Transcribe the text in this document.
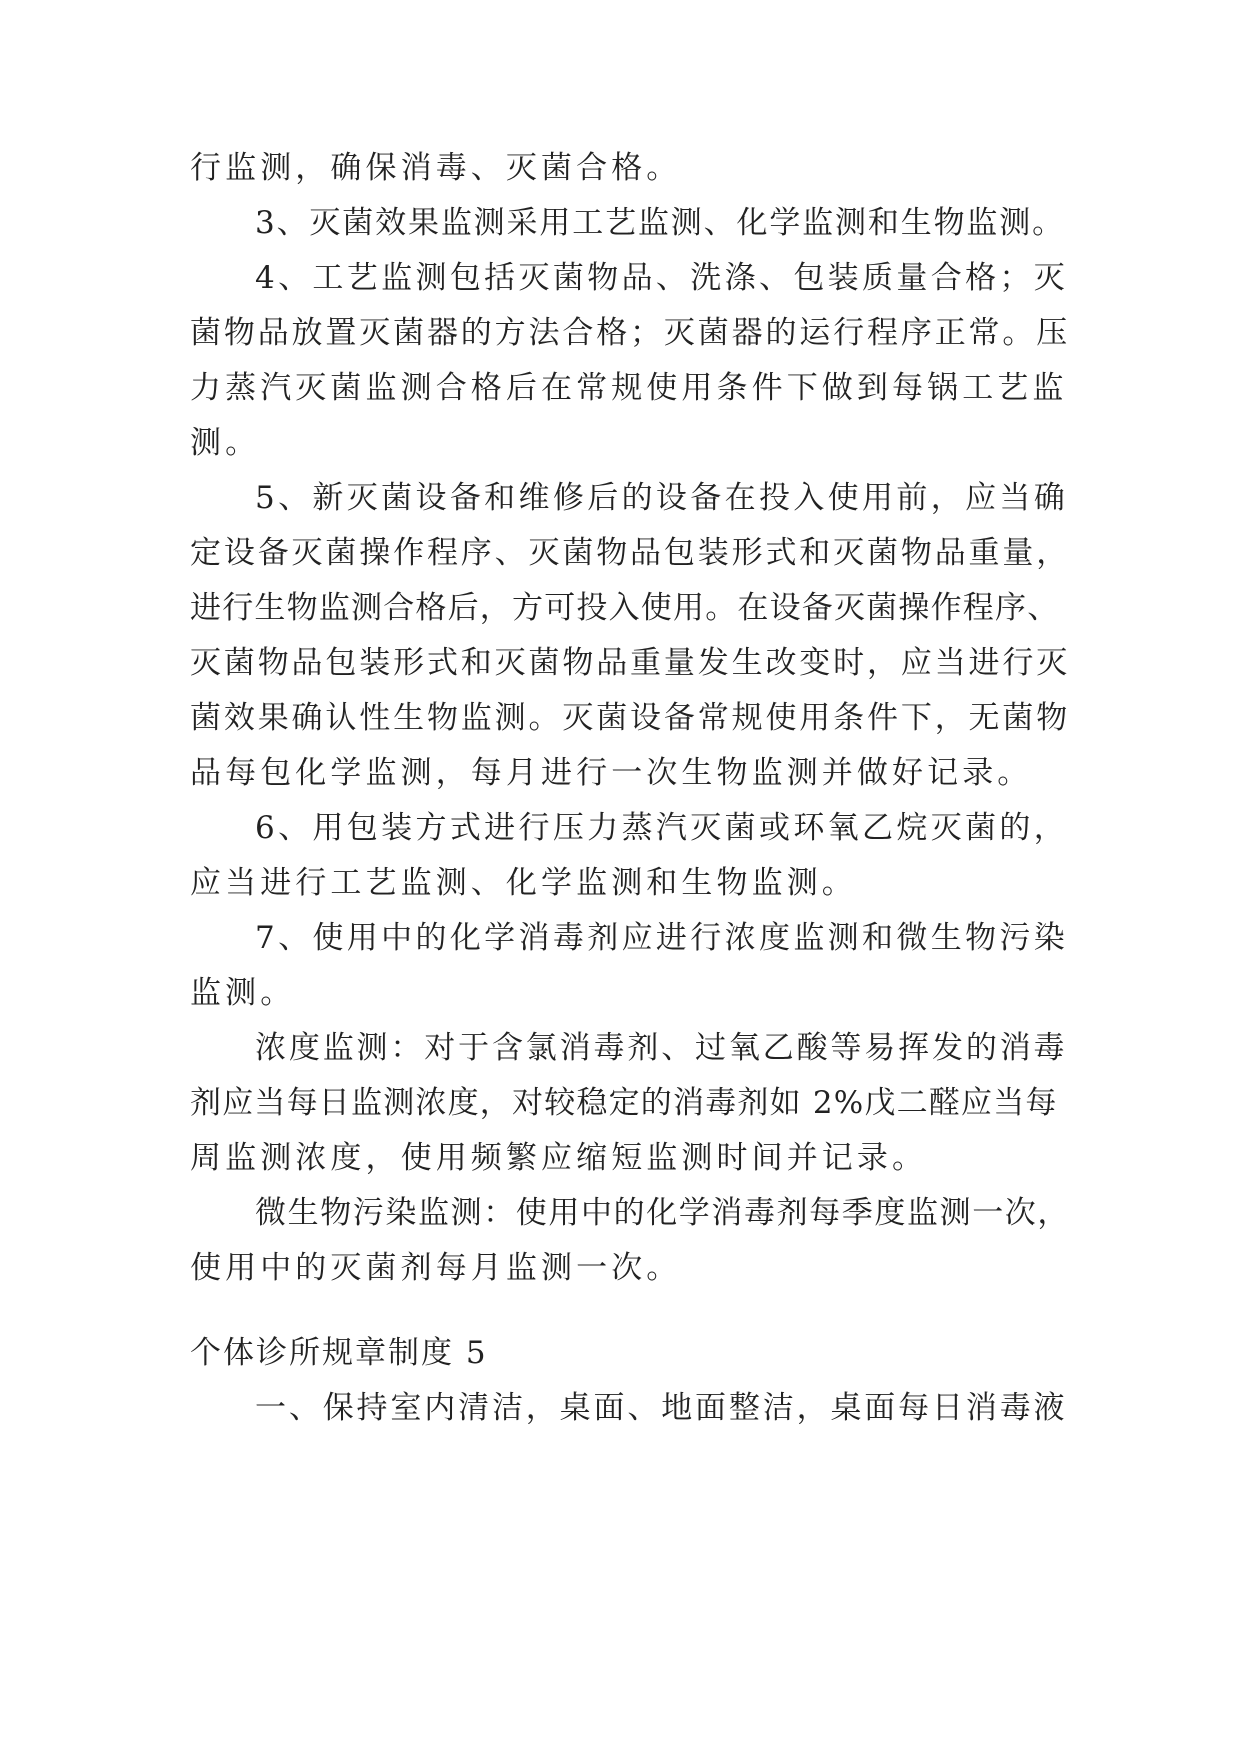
行监测，确保消毒、灭菌合格。
3、灭菌效果监测采用工艺监测、化学监测和生物监测。
4、工艺监测包括灭菌物品、洗涤、包装质量合格；灭
菌物品放置灭菌器的方法合格；灭菌器的运行程序正常。压
力蒸汽灭菌监测合格后在常规使用条件下做到每锅工艺监
测。
5、新灭菌设备和维修后的设备在投入使用前，应当确
定设备灭菌操作程序、灭菌物品包装形式和灭菌物品重量，
进行生物监测合格后，方可投入使用。在设备灭菌操作程序、
灭菌物品包装形式和灭菌物品重量发生改变时，应当进行灭
菌效果确认性生物监测。灭菌设备常规使用条件下，无菌物
品每包化学监测，每月进行一次生物监测并做好记录。
6、用包装方式进行压力蒸汽灭菌或环氧乙烷灭菌的，
应当进行工艺监测、化学监测和生物监测。
7、使用中的化学消毒剂应进行浓度监测和微生物污染
监测。
浓度监测：对于含氯消毒剂、过氧乙酸等易挥发的消毒
剂应当每日监测浓度，对较稳定的消毒剂如 2%戊二醛应当每
周监测浓度，使用频繁应缩短监测时间并记录。
微生物污染监测：使用中的化学消毒剂每季度监测一次，
使用中的灭菌剂每月监测一次。
个体诊所规章制度 5
一、保持室内清洁，桌面、地面整洁，桌面每日消毒液
